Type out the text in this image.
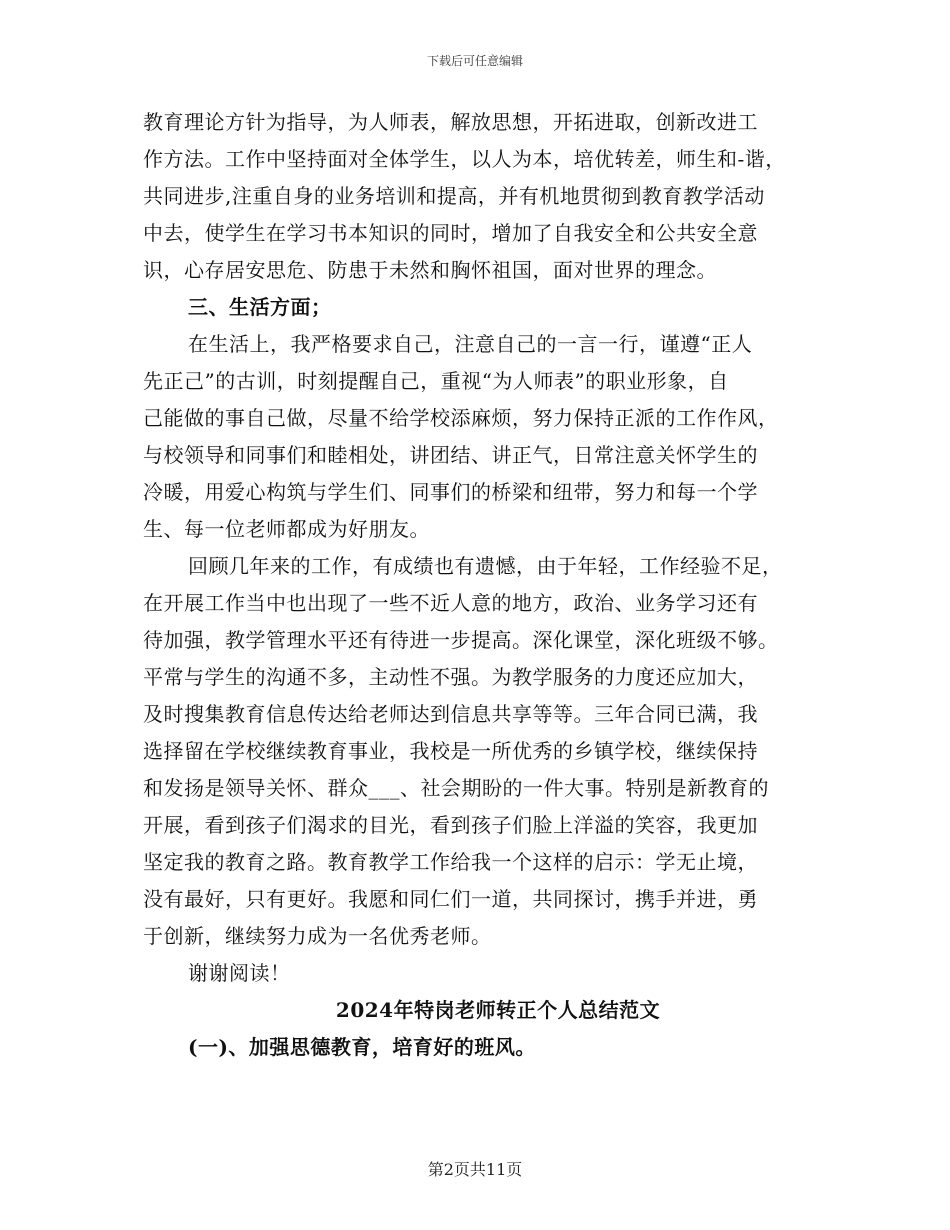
下载后可任意编辑
教育理论方针为指导，为人师表，解放思想，开拓进取，创新改进工
作方法。工作中坚持面对全体学生，以人为本，培优转差，师生和-谐，
共同进步,注重自身的业务培训和提高，并有机地贯彻到教育教学活动
中去，使学生在学习书本知识的同时，增加了自我安全和公共安全意
识，心存居安思危、防患于未然和胸怀祖国，面对世界的理念。
三、生活方面；
在生活上，我严格要求自己，注意自己的一言一行，谨遵“正人
先正己”的古训，时刻提醒自己，重视“为人师表”的职业形象，自
己能做的事自己做，尽量不给学校添麻烦，努力保持正派的工作作风，
与校领导和同事们和睦相处，讲团结、讲正气，日常注意关怀学生的
冷暖，用爱心构筑与学生们、同事们的桥梁和纽带，努力和每一个学
生、每一位老师都成为好朋友。
回顾几年来的工作，有成绩也有遗憾，由于年轻，工作经验不足，
在开展工作当中也出现了一些不近人意的地方，政治、业务学习还有
待加强，教学管理水平还有待进一步提高。深化课堂，深化班级不够。
平常与学生的沟通不多，主动性不强。为教学服务的力度还应加大，
及时搜集教育信息传达给老师达到信息共享等等。三年合同已满，我
选择留在学校继续教育事业，我校是一所优秀的乡镇学校，继续保持
和发扬是领导关怀、群众___、社会期盼的一件大事。特别是新教育的
开展，看到孩子们渴求的目光，看到孩子们脸上洋溢的笑容，我更加
坚定我的教育之路。教育教学工作给我一个这样的启示：学无止境，
没有最好，只有更好。我愿和同仁们一道，共同探讨，携手并进，勇
于创新，继续努力成为一名优秀老师。
谢谢阅读！
2024年特岗老师转正个人总结范文
(一)、加强思德教育，培育好的班风。
第2页共11页
